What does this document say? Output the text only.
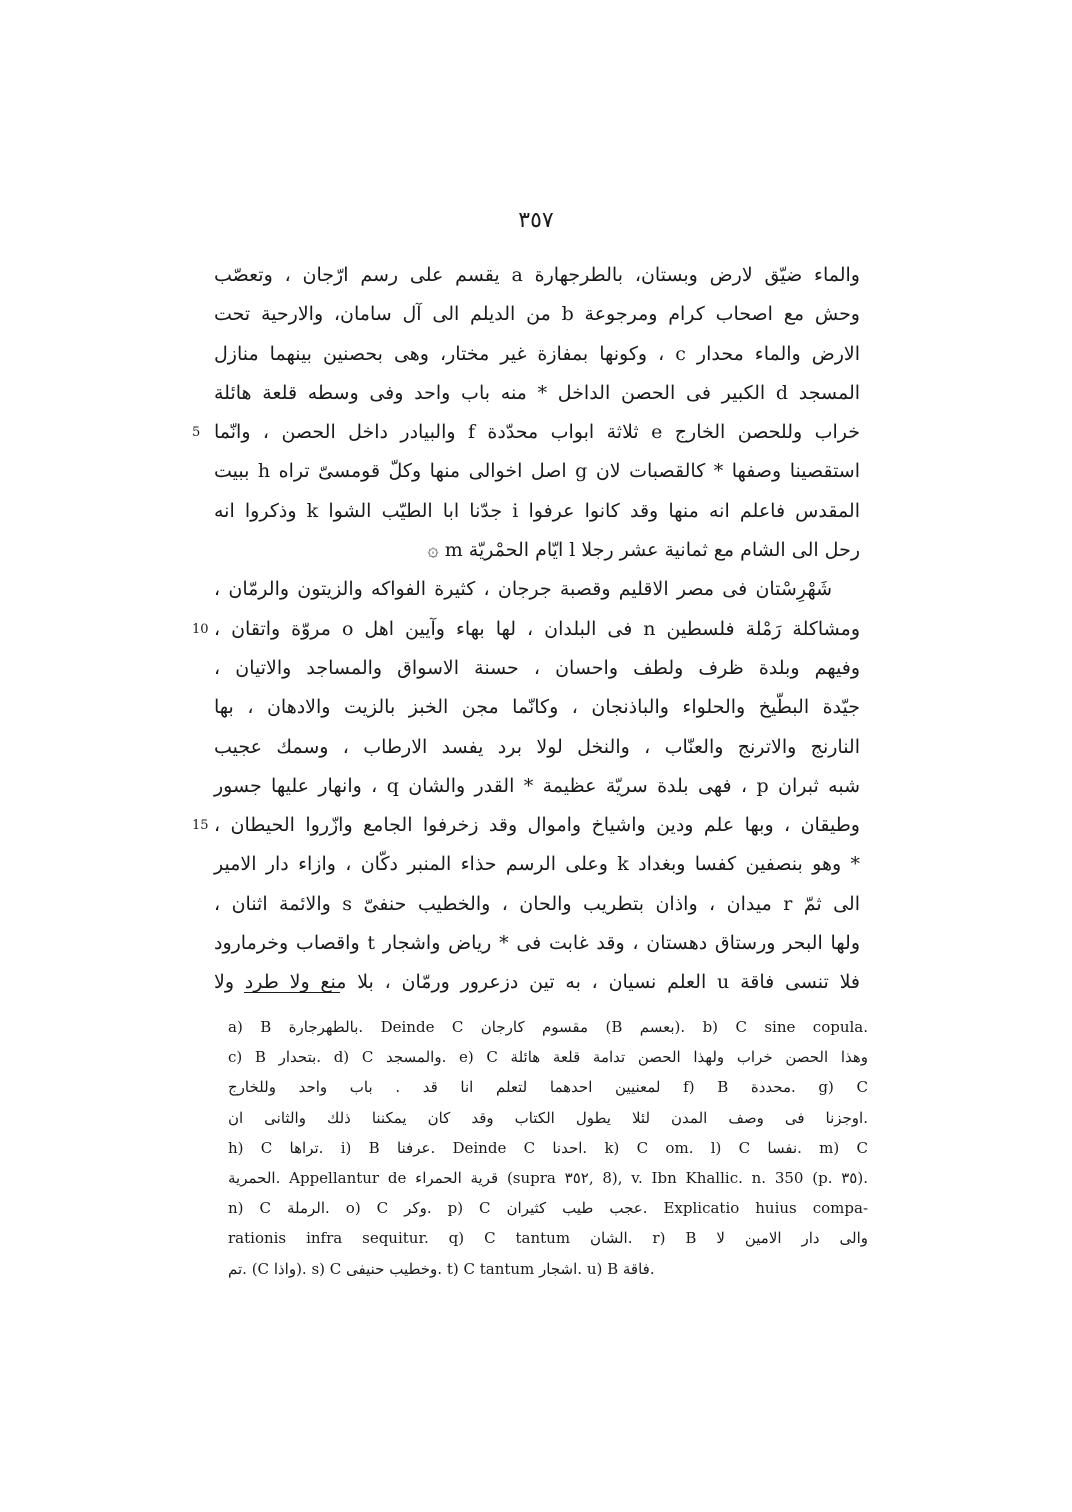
٣٥٧
والماء ضيّق لارض وبستان، بالطرجهارة a يقسم على رسم ارّجان ، وتعصّب
وحش مع اصحاب كرام ومرجوعة b من الديلم الى آل سامان، والارحية تحت
الارض والماء محدار c ، وكونها بمفازة غير مختار، وهى بحصنين بينهما منازل
المسجد d الكبير فى الحصن الداخل * منه باب واحد وفى وسطه قلعة هائلة
خراب وللحصن الخارج e ثلاثة ابواب محدّدة f والبيادر داخل الحصن ، وانّما
5
استقصينا وصفها * كالقصبات لان g اصل اخوالى منها وكلّ قومسىّ تراه h ببيت
المقدس فاعلم انه منها وقد كانوا عرفوا i جدّنا ابا الطيّب الشوا k وذكروا انه
رحل الى الشام مع ثمانية عشر رجلا l ايّام الحمْريّة m ۞
شَهْرِسْتان فى مصر الاقليم وقصبة جرجان ، كثيرة الفواكه والزيتون والرمّان ،
ومشاكلة رَمْلة فلسطين n فى البلدان ، لها بهاء وآيين اهل o مروّة واتقان ،
10
وفيهم وبلدة ظرف ولطف واحسان ، حسنة الاسواق والمساجد والاتيان ،
جيّدة البطّيخ والحلواء والباذنجان ، وكانّما مجن الخبز بالزيت والادهان ، بها
النارنج والاترنج والعنّاب ، والنخل لولا برد يفسد الارطاب ، وسمك عجيب
شبه ثبران p ، فهى بلدة سريّة عظيمة * القدر والشان q ، وانهار عليها جسور
وطيقان ، وبها علم ودين واشياخ واموال وقد زخرفوا الجامع وازّروا الحيطان ،
15
* وهو بنصفين كفسا وبغداد k وعلى الرسم حذاء المنبر دكّان ، وازاء دار الامير
الى ثمّ r ميدان ، واذان بتطريب والحان ، والخطيب حنفىّ s والائمة اثنان ،
ولها البحر ورستاق دهستان ، وقد غابت فى * رياض واشجار t واقصاب وخرمارود
فلا تنسى فاقة u العلم نسيان ، به تين دزعرور ورمّان ، بلا منع ولا طرد ولا
a) B بالطهرجارة. Deinde C مقسوم كارجان (B بعسم). b) C sine copula.
c) B بتحدار. d) C والمسجد. e) C وهذا الحصن خراب ولهذا الحصن تدامة قلعة هائلة
لمعنيين احدهما لتعلم انا قد . باب واحد وللخارج f) B محددة. g) C
اوجزنا فى وصف المدن لئلا يطول الكتاب وقد كان يمكننا ذلك والثانى ان.
h) C تراها. i) B عرفنا. Deinde C احدنا. k) C om. l) C نفسا. m) C
الحمرية. Appellantur de قرية الحمراء (supra ٣٥٢, 8), v. Ibn Khallic. n. 350 (p. ٣٥).
n) C الرملة. o) C وكر. p) C عجب طيب كثيران. Explicatio huius compa-
rationis infra sequitur. q) C tantum الشان. r) B والى دار الامين لا
تم. (C واذا). s) C وخطيب حنيفى. t) C tantum اشجار. u) B فاقة.
